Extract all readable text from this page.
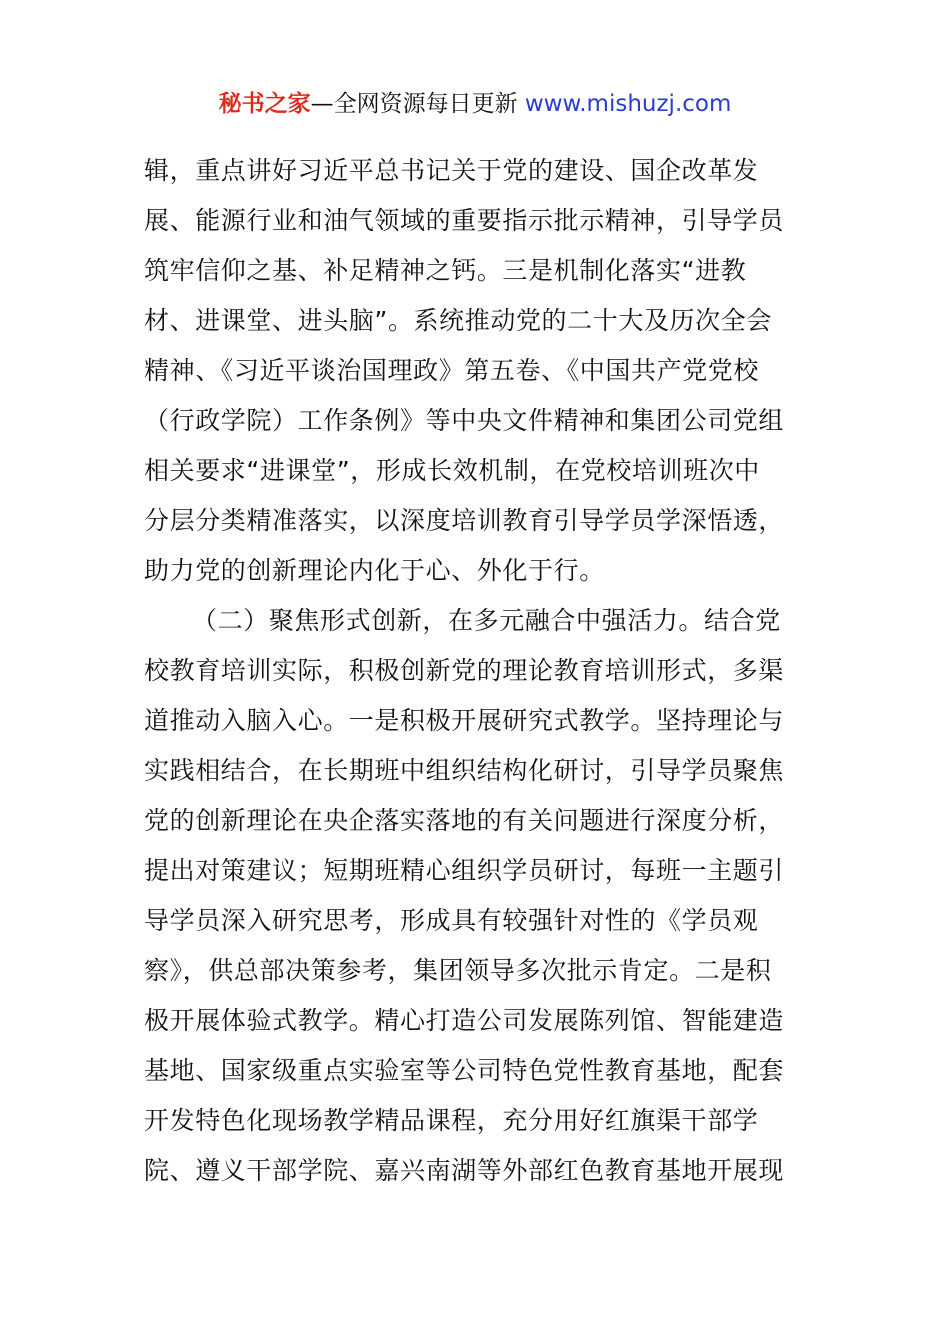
秘书之家—全网资源每日更新 www.mishuzj.com
辑，重点讲好习近平总书记关于党的建设、国企改革发
展、能源行业和油气领域的重要指示批示精神，引导学员
筑牢信仰之基、补足精神之钙。三是机制化落实“进教
材、进课堂、进头脑”。系统推动党的二十大及历次全会
精神、《习近平谈治国理政》第五卷、《中国共产党党校
（行政学院）工作条例》等中央文件精神和集团公司党组
相关要求“进课堂”，形成长效机制，在党校培训班次中
分层分类精准落实，以深度培训教育引导学员学深悟透，
助力党的创新理论内化于心、外化于行。
（二）聚焦形式创新，在多元融合中强活力。结合党
校教育培训实际，积极创新党的理论教育培训形式，多渠
道推动入脑入心。一是积极开展研究式教学。坚持理论与
实践相结合，在长期班中组织结构化研讨，引导学员聚焦
党的创新理论在央企落实落地的有关问题进行深度分析，
提出对策建议；短期班精心组织学员研讨，每班一主题引
导学员深入研究思考，形成具有较强针对性的《学员观
察》，供总部决策参考，集团领导多次批示肯定。二是积
极开展体验式教学。精心打造公司发展陈列馆、智能建造
基地、国家级重点实验室等公司特色党性教育基地，配套
开发特色化现场教学精品课程，充分用好红旗渠干部学
院、遵义干部学院、嘉兴南湖等外部红色教育基地开展现
